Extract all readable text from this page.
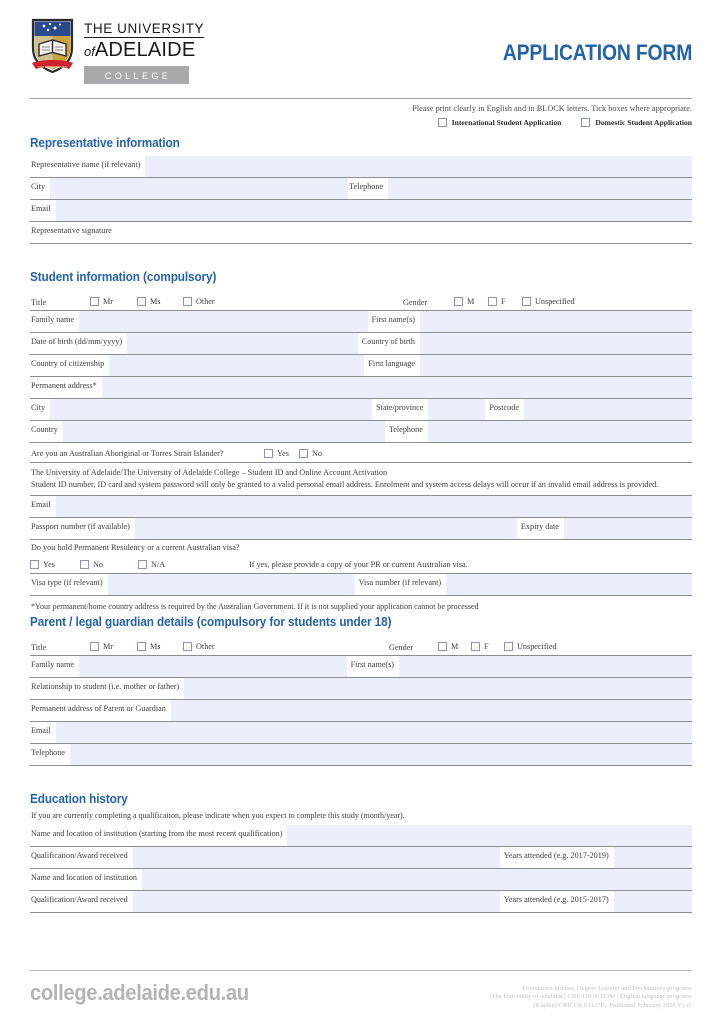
SUB CRUCE LUMEN
THE UNIVERSITY
ofADELAIDE
COLLEGE
APPLICATION FORM
Please print clearly in English and in BLOCK letters. Tick boxes where appropriate.
International Student Application	Domestic Student Application
Representative information
Representative name (if relevant)
City	Telephone
Email
Representative signature
Student information (compulsory)
Title	Mr	Ms	Other	Gender	M	F	Unspecified
Family name	First name(s)
Date of birth (dd/mm/yyyy)	Country of birth
Country of citizenship	First language
Permanent address*
City	State/province	Postcode
Country	Telephone
Are you an Australian Aboriginal or Torres Strait Islander?	Yes	No
The University of Adelaide/The University of Adelaide College – Student ID and Online Account Activation
Student ID number, ID card and system password will only be granted to a valid personal email address. Enrolment and system access delays will occur if an invalid email address is provided.
Email
Passport number (if available)	Expiry date
Do you hold Permanent Residency or a current Australian visa?
Yes	No	N/A	If yes, please provide a copy of your PR or current Australian visa.
Visa type (if relevant)	Visa number (if relevant)
*Your permanent/home country address is required by the Australian Government. If it is not supplied your application cannot be processed
Parent / legal guardian details (compulsory for students under 18)
Title	Mr	Ms	Other	Gender	M	F	Unspecified
Family name	First name(s)
Relationship to student (i.e. mother or father)
Permanent address of Parent or Guardian
Email
Telephone
Education history
If you are currently completing a qualification, please indicate when you expect to complete this study (month/year).
Name and location of institution (starting from the most recent qualification)
Qualification/Award received	Years attended (e.g. 2017-2019)
Name and location of institution
Qualification/Award received	Years attended (e.g. 2015-2017)
college.adelaide.edu.au	Foundation Studies, Degree Transfer and Pre-Master's programs
(The University of Adelaide) CRICOS 00123M | English language programs
(Kaplan) CRICOS 03127E.. Published February 2020 V1.0.
